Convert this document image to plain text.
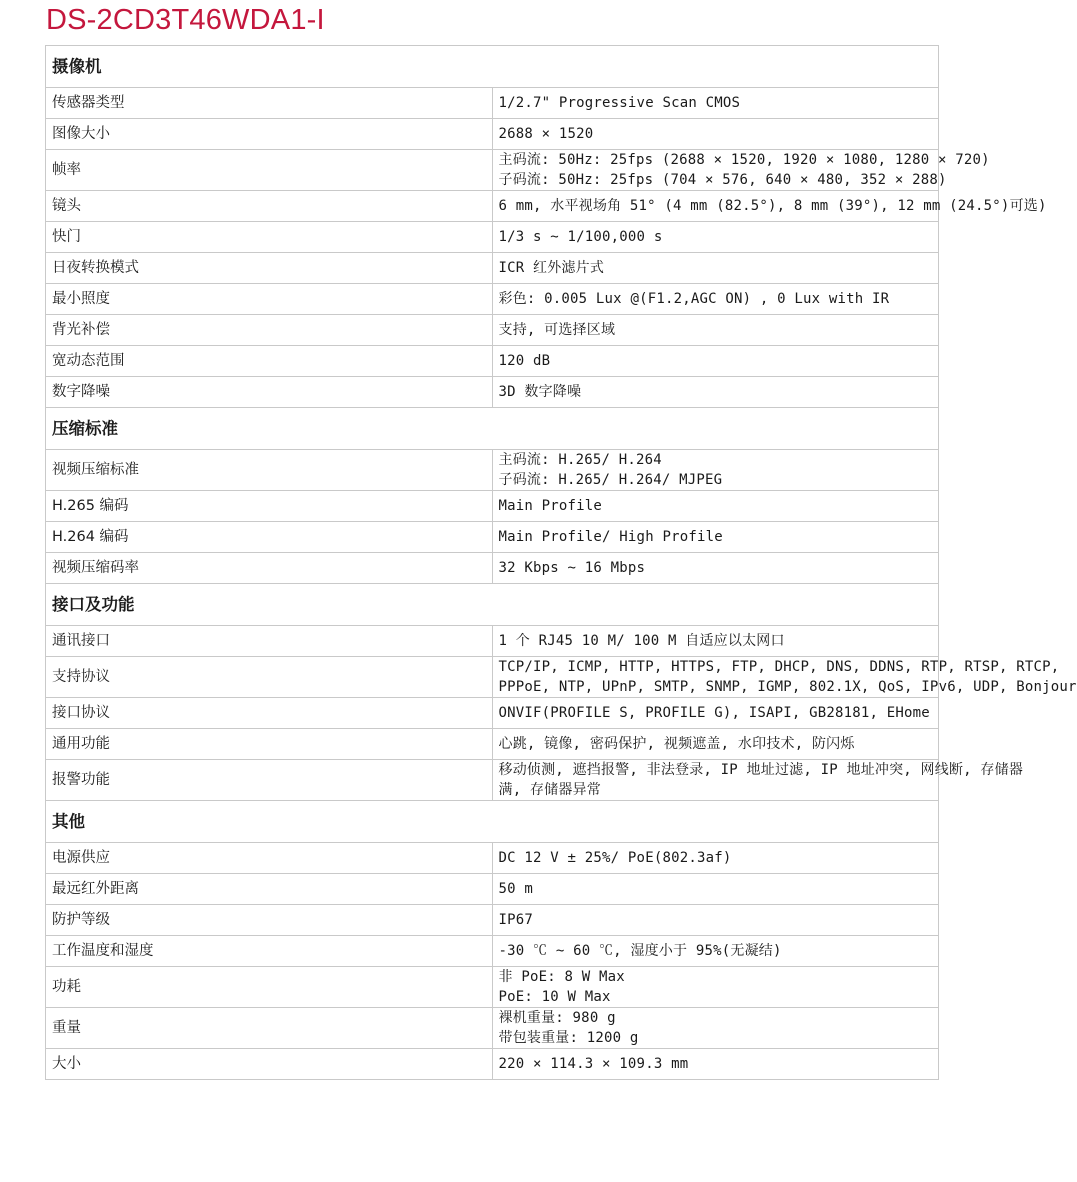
DS-2CD3T46WDA1-I
摄像机	
传感器类型	1/2.7" Progressive Scan CMOS

图像大小	2688 × 1520

帧率	主码流: 50Hz: 25fps (2688 × 1520, 1920 × 1080, 1280 × 720)
子码流: 50Hz: 25fps (704 × 576, 640 × 480, 352 × 288)

镜头	6 mm, 水平视场角 51° (4 mm (82.5°), 8 mm (39°), 12 mm (24.5°)可选)

快门	1/3 s ~ 1/100,000 s

日夜转换模式	ICR 红外滤片式

最小照度	彩色: 0.005 Lux @(F1.2,AGC ON) , 0 Lux with IR

背光补偿	支持, 可选择区域

宽动态范围	120 dB

数字降噪	3D 数字降噪

压缩标准	
视频压缩标准	主码流: H.265/ H.264
子码流: H.265/ H.264/ MJPEG

H.265 编码	Main Profile

H.264 编码	Main Profile/ High Profile

视频压缩码率	32 Kbps ~ 16 Mbps

接口及功能	
通讯接口	1 个 RJ45 10 M/ 100 M 自适应以太网口

支持协议	TCP/IP, ICMP, HTTP, HTTPS, FTP, DHCP, DNS, DDNS, RTP, RTSP, RTCP,
PPPoE, NTP, UPnP, SMTP, SNMP, IGMP, 802.1X, QoS, IPv6, UDP, Bonjour

接口协议	ONVIF(PROFILE S, PROFILE G), ISAPI, GB28181, EHome

通用功能	心跳, 镜像, 密码保护, 视频遮盖, 水印技术, 防闪烁

报警功能	移动侦测, 遮挡报警, 非法登录, IP 地址过滤, IP 地址冲突, 网线断, 存储器
满, 存储器异常

其他	
电源供应	DC 12 V ± 25%/ PoE(802.3af)

最远红外距离	50 m

防护等级	IP67

工作温度和湿度	-30 ℃ ~ 60 ℃, 湿度小于 95%(无凝结)

功耗	非 PoE: 8 W Max
PoE: 10 W Max

重量	裸机重量: 980 g
带包装重量: 1200 g

大小	220 × 114.3 × 109.3 mm
